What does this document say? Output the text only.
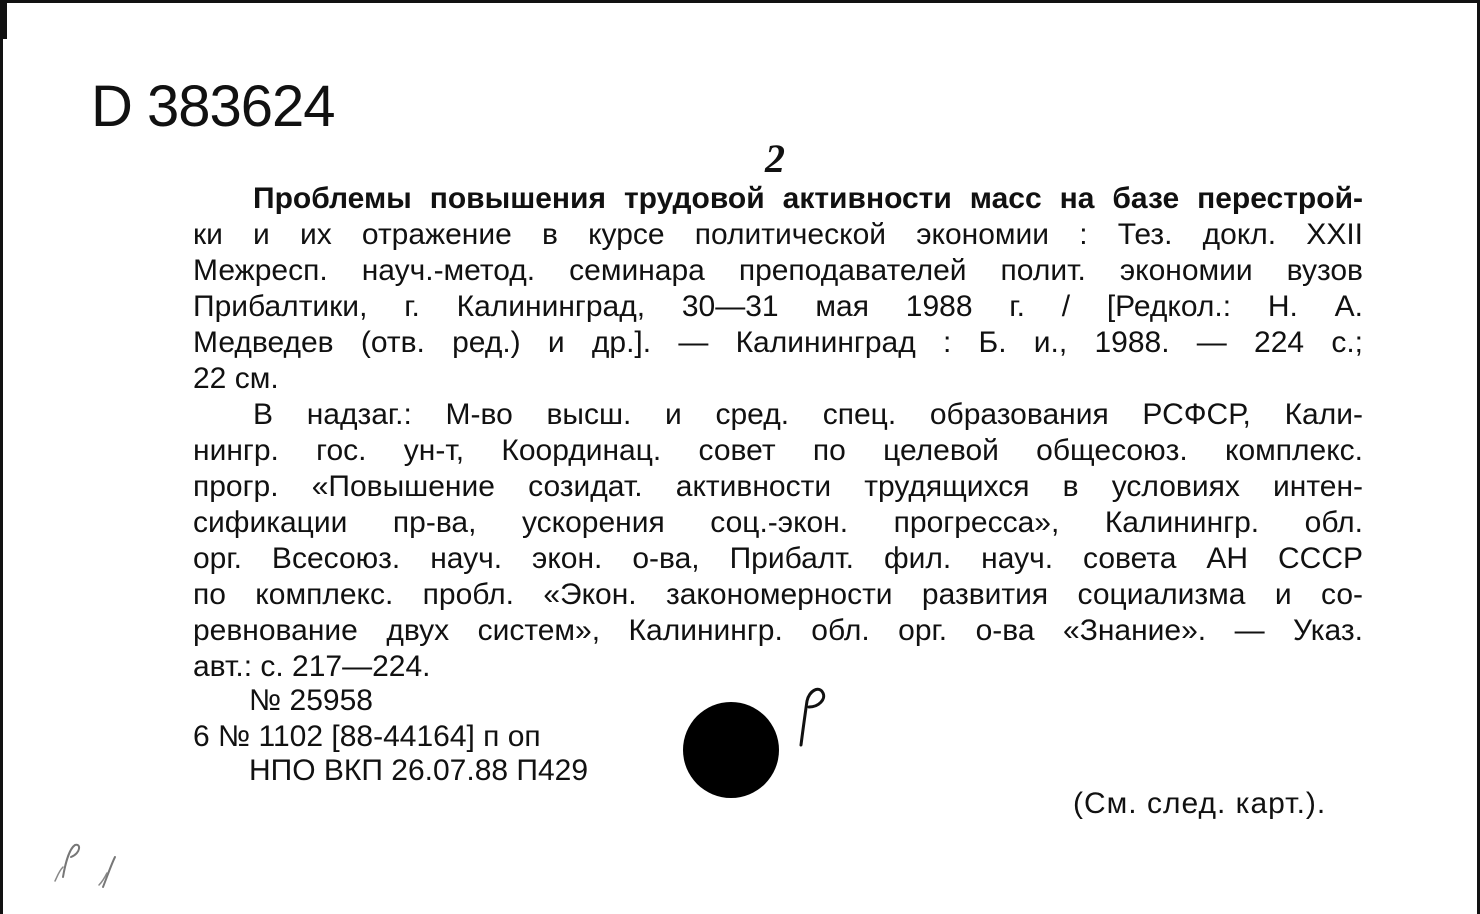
D 383624
2
Проблемы повышения трудовой активности масс на базе перестрой-
ки и их отражение в курсе политической экономии : Тез. докл. XXII
Межресп. науч.-метод. семинара преподавателей полит. экономии вузов
Прибалтики, г. Калининград, 30—31 мая 1988 г. / [Редкол.: Н. А.
Медведев (отв. ред.) и др.]. — Калининград : Б. и., 1988. — 224 с.;
22 см.
В надзаг.: М-во высш. и сред. спец. образования РСФСР, Кали-
нингр. гос. ун-т, Координац. совет по целевой общесоюз. комплекс.
прогр. «Повышение созидат. активности трудящихся в условиях интен-
сификации пр-ва, ускорения соц.-экон. прогресса», Калинингр. обл.
орг. Всесоюз. науч. экон. о-ва, Прибалт. фил. науч. совета АН СССР
по комплекс. пробл. «Экон. закономерности развития социализма и со-
ревнование двух систем», Калинингр. обл. орг. о-ва «Знание». — Указ.
авт.: с. 217—224.
№ 25958
6 № 1102 [88-44164] п оп
НПО ВКП 26.07.88 П429
(См. след. карт.).
